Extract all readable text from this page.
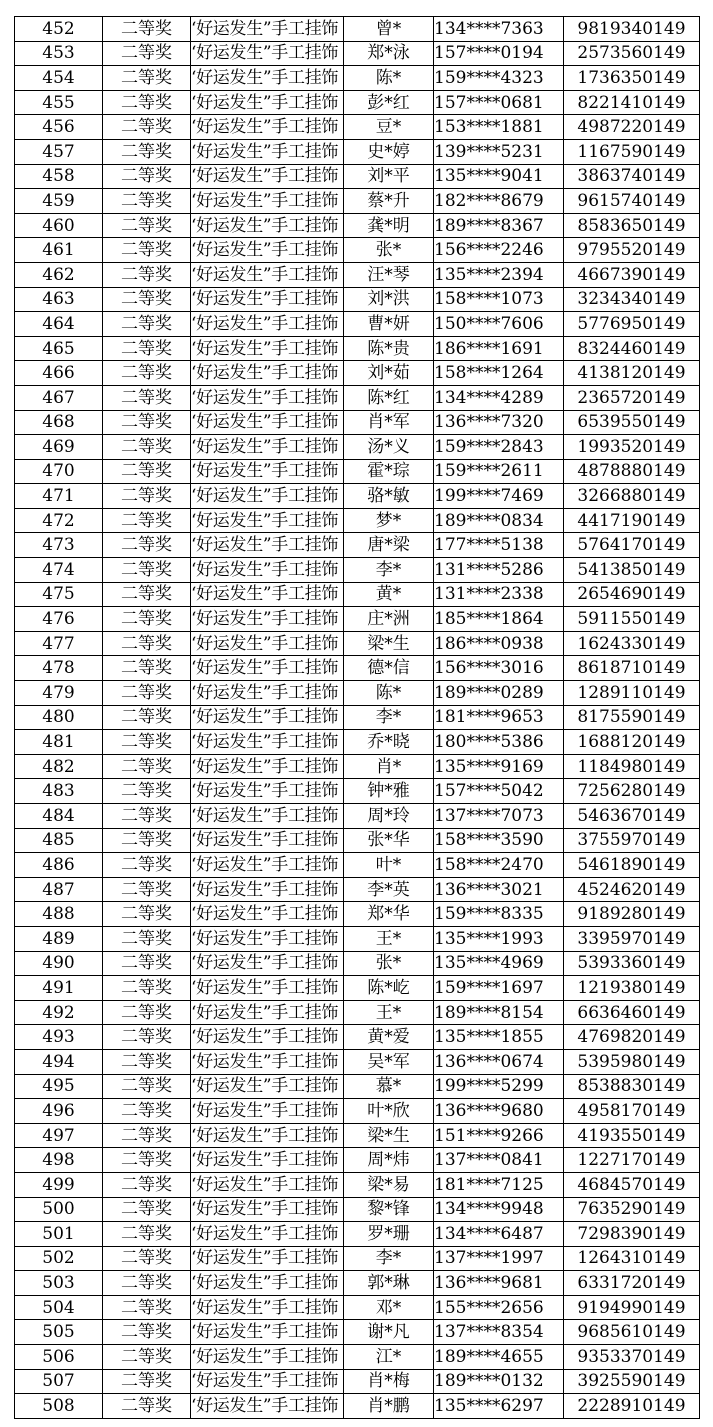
452	二等奖	‘好运发生”手工挂饰	曾*	134****7363	9819340149
453	二等奖	‘好运发生”手工挂饰	郑*泳	157****0194	2573560149
454	二等奖	‘好运发生”手工挂饰	陈*	159****4323	1736350149
455	二等奖	‘好运发生”手工挂饰	彭*红	157****0681	8221410149
456	二等奖	‘好运发生”手工挂饰	豆*	153****1881	4987220149
457	二等奖	‘好运发生”手工挂饰	史*婷	139****5231	1167590149
458	二等奖	‘好运发生”手工挂饰	刘*平	135****9041	3863740149
459	二等奖	‘好运发生”手工挂饰	蔡*升	182****8679	9615740149
460	二等奖	‘好运发生”手工挂饰	龚*明	189****8367	8583650149
461	二等奖	‘好运发生”手工挂饰	张*	156****2246	9795520149
462	二等奖	‘好运发生”手工挂饰	汪*琴	135****2394	4667390149
463	二等奖	‘好运发生”手工挂饰	刘*洪	158****1073	3234340149
464	二等奖	‘好运发生”手工挂饰	曹*妍	150****7606	5776950149
465	二等奖	‘好运发生”手工挂饰	陈*贵	186****1691	8324460149
466	二等奖	‘好运发生”手工挂饰	刘*茹	158****1264	4138120149
467	二等奖	‘好运发生”手工挂饰	陈*红	134****4289	2365720149
468	二等奖	‘好运发生”手工挂饰	肖*军	136****7320	6539550149
469	二等奖	‘好运发生”手工挂饰	汤*义	159****2843	1993520149
470	二等奖	‘好运发生”手工挂饰	霍*琮	159****2611	4878880149
471	二等奖	‘好运发生”手工挂饰	骆*敏	199****7469	3266880149
472	二等奖	‘好运发生”手工挂饰	梦*	189****0834	4417190149
473	二等奖	‘好运发生”手工挂饰	唐*梁	177****5138	5764170149
474	二等奖	‘好运发生”手工挂饰	李*	131****5286	5413850149
475	二等奖	‘好运发生”手工挂饰	黄*	131****2338	2654690149
476	二等奖	‘好运发生”手工挂饰	庄*洲	185****1864	5911550149
477	二等奖	‘好运发生”手工挂饰	梁*生	186****0938	1624330149
478	二等奖	‘好运发生”手工挂饰	德*信	156****3016	8618710149
479	二等奖	‘好运发生”手工挂饰	陈*	189****0289	1289110149
480	二等奖	‘好运发生”手工挂饰	李*	181****9653	8175590149
481	二等奖	‘好运发生”手工挂饰	乔*晓	180****5386	1688120149
482	二等奖	‘好运发生”手工挂饰	肖*	135****9169	1184980149
483	二等奖	‘好运发生”手工挂饰	钟*雅	157****5042	7256280149
484	二等奖	‘好运发生”手工挂饰	周*玲	137****7073	5463670149
485	二等奖	‘好运发生”手工挂饰	张*华	158****3590	3755970149
486	二等奖	‘好运发生”手工挂饰	叶*	158****2470	5461890149
487	二等奖	‘好运发生”手工挂饰	李*英	136****3021	4524620149
488	二等奖	‘好运发生”手工挂饰	郑*华	159****8335	9189280149
489	二等奖	‘好运发生”手工挂饰	王*	135****1993	3395970149
490	二等奖	‘好运发生”手工挂饰	张*	135****4969	5393360149
491	二等奖	‘好运发生”手工挂饰	陈*屹	159****1697	1219380149
492	二等奖	‘好运发生”手工挂饰	王*	189****8154	6636460149
493	二等奖	‘好运发生”手工挂饰	黄*爱	135****1855	4769820149
494	二等奖	‘好运发生”手工挂饰	吴*军	136****0674	5395980149
495	二等奖	‘好运发生”手工挂饰	慕*	199****5299	8538830149
496	二等奖	‘好运发生”手工挂饰	叶*欣	136****9680	4958170149
497	二等奖	‘好运发生”手工挂饰	梁*生	151****9266	4193550149
498	二等奖	‘好运发生”手工挂饰	周*炜	137****0841	1227170149
499	二等奖	‘好运发生”手工挂饰	梁*易	181****7125	4684570149
500	二等奖	‘好运发生”手工挂饰	黎*锋	134****9948	7635290149
501	二等奖	‘好运发生”手工挂饰	罗*珊	134****6487	7298390149
502	二等奖	‘好运发生”手工挂饰	李*	137****1997	1264310149
503	二等奖	‘好运发生”手工挂饰	郭*琳	136****9681	6331720149
504	二等奖	‘好运发生”手工挂饰	邓*	155****2656	9194990149
505	二等奖	‘好运发生”手工挂饰	谢*凡	137****8354	9685610149
506	二等奖	‘好运发生”手工挂饰	江*	189****4655	9353370149
507	二等奖	‘好运发生”手工挂饰	肖*梅	189****0132	3925590149
508	二等奖	‘好运发生”手工挂饰	肖*鹏	135****6297	2228910149
